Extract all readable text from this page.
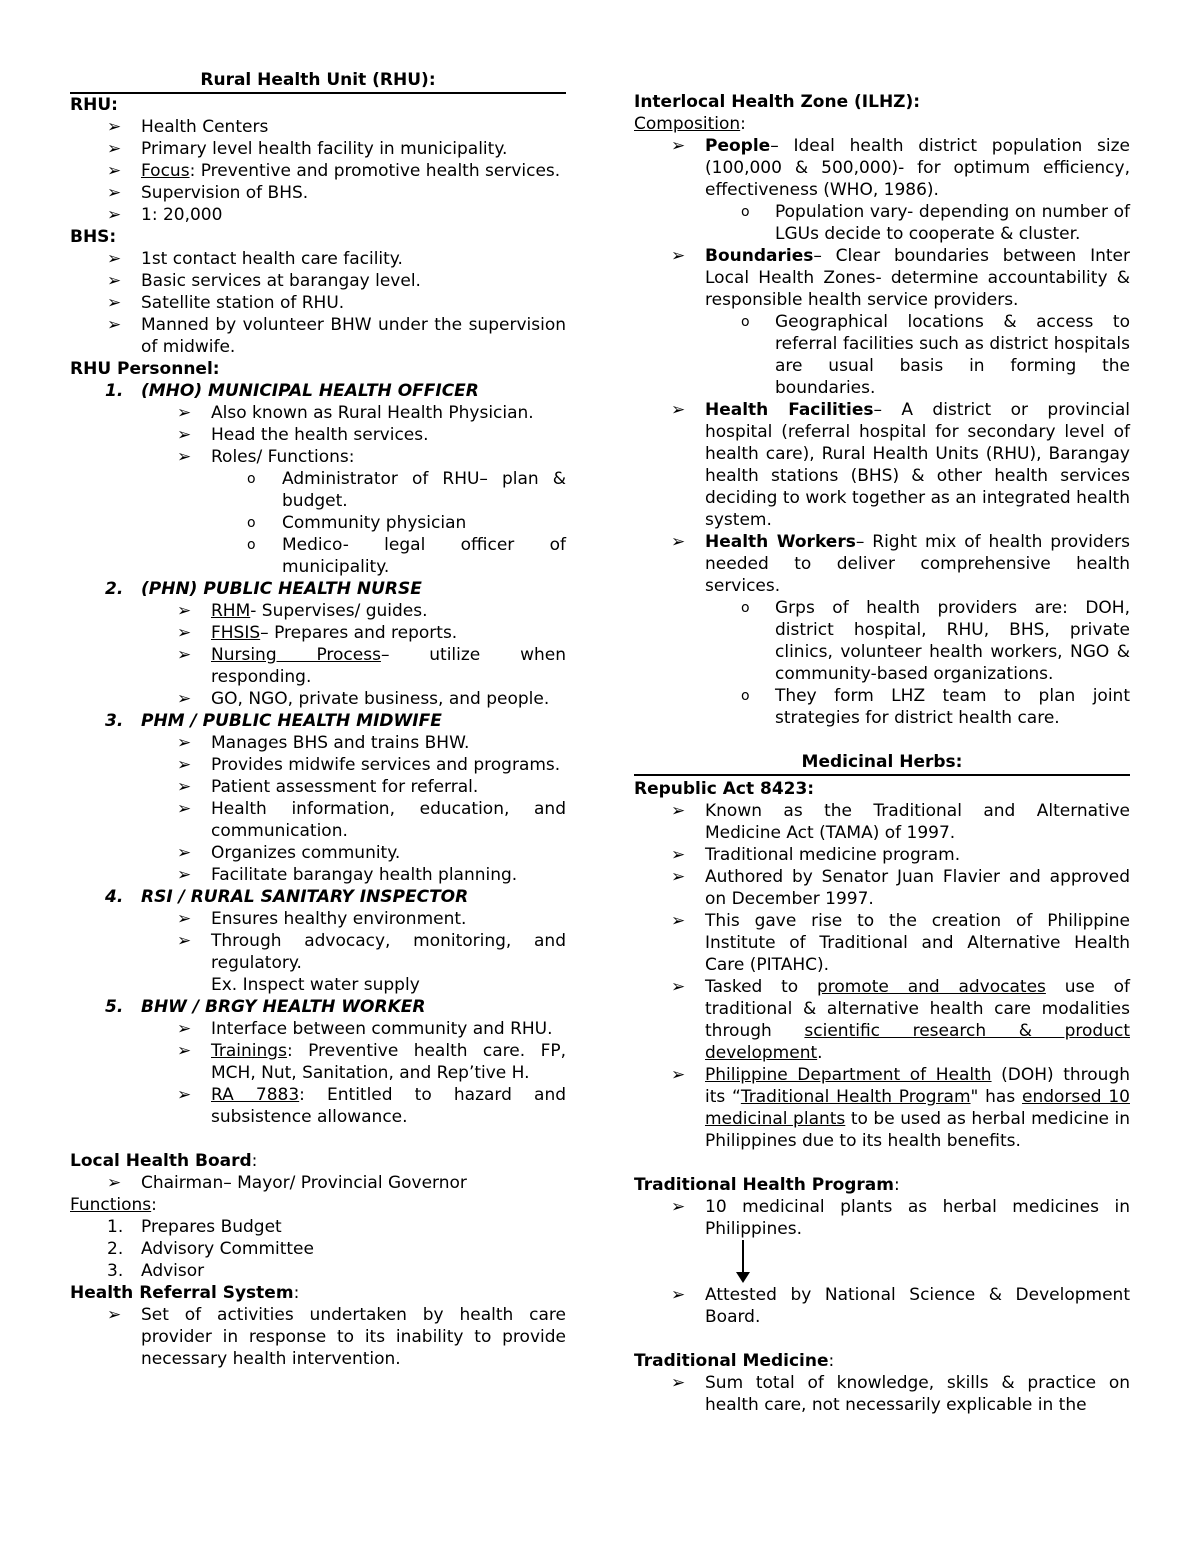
Rural Health Unit (RHU):

RHU:

➢	Health Centers
➢	Primary level health facility in municipality.
➢	Focus: Preventive and promotive health services.
➢	Supervision of BHS.
➢	1: 20,000

BHS:

➢	1st contact health care facility.
➢	Basic services at barangay level.
➢	Satellite station of RHU.
➢	Manned by volunteer BHW under the supervision of midwife.

RHU Personnel:

1. (MHO) MUNICIPAL HEALTH OFFICER
➢	Also known as Rural Health Physician.
➢	Head the health services.
➢	Roles/ Functions:
o	Administrator of RHU– plan & budget.
o	Community physician
o	Medico- legal officer of municipality.
2. (PHN) PUBLIC HEALTH NURSE
➢	RHM- Supervises/ guides.
➢	FHSIS– Prepares and reports.
➢	Nursing Process– utilize when responding.
➢	GO, NGO, private business, and people.
3. PHM / PUBLIC HEALTH MIDWIFE
➢	Manages BHS and trains BHW.
➢	Provides midwife services and programs.
➢	Patient assessment for referral.
➢	Health information, education, and communication.
➢	Organizes community.
➢	Facilitate barangay health planning.
4. RSI / RURAL SANITARY INSPECTOR
➢	Ensures healthy environment.
➢	Through advocacy, monitoring, and regulatory.

Ex. Inspect water supply

5. BHW / BRGY HEALTH WORKER
➢	Interface between community and RHU.
➢	Trainings: Preventive health care. FP, MCH, Nut, Sanitation, and Rep’tive H.
➢	RA 7883: Entitled to hazard and subsistence allowance.

Local Health Board:

➢	Chairman– Mayor/ Provincial Governor

Functions:

1. Prepares Budget
2. Advisory Committee
3. Advisor

Health Referral System:

➢	Set of activities undertaken by health care provider in response to its inability to provide necessary health intervention.

Interlocal Health Zone (ILHZ):

Composition:

➢	People– Ideal health district population size (100,000 & 500,000)- for optimum efficiency, effectiveness (WHO, 1986).
o	Population vary- depending on number of LGUs decide to cooperate & cluster.
➢	Boundaries– Clear boundaries between Inter Local Health Zones- determine accountability & responsible health service providers.
o	Geographical locations & access to referral facilities such as district hospitals are usual basis in forming the boundaries.
➢	Health Facilities– A district or provincial hospital (referral hospital for secondary level of health care), Rural Health Units (RHU), Barangay health stations (BHS) & other health services deciding to work together as an integrated health system.
➢	Health Workers– Right mix of health providers needed to deliver comprehensive health services.
o	Grps of health providers are: DOH, district hospital, RHU, BHS, private clinics, volunteer health workers, NGO & community-based organizations.
o	They form LHZ team to plan joint strategies for district health care.

Medicinal Herbs:

Republic Act 8423:

➢	Known as the Traditional and Alternative Medicine Act (TAMA) of 1997.
➢	Traditional medicine program.
➢	Authored by Senator Juan Flavier and approved on December 1997.
➢	This gave rise to the creation of Philippine Institute of Traditional and Alternative Health Care (PITAHC).
➢	Tasked to promote and advocates use of traditional & alternative health care modalities through scientific research & product development.
➢	Philippine Department of Health (DOH) through its “Traditional Health Program" has endorsed 10 medicinal plants to be used as herbal medicine in Philippines due to its health benefits.

Traditional Health Program:

➢	10 medicinal plants as herbal medicines in Philippines.
➢	Attested by National Science & Development Board.

Traditional Medicine:

➢	Sum total of knowledge, skills & practice on health care, not necessarily explicable in the
